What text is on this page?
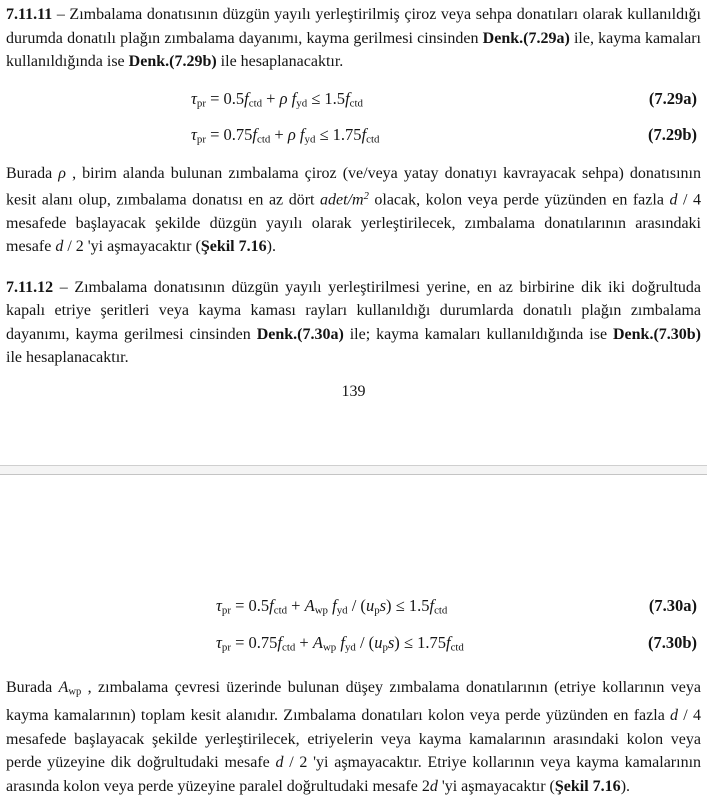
7.11.11 – Zımbalama donatısının düzgün yayılı yerleştirilmiş çiroz veya sehpa donatıları olarak kullanıldığı durumda donatılı plağın zımbalama dayanımı, kayma gerilmesi cinsinden Denk.(7.29a) ile, kayma kamaları kullanıldığında ise Denk.(7.29b) ile hesaplanacaktır.

$\tau_{pr} = 0.5f_{ctd} + \rho$ $f_{yd} \le 1.5f_{ctd}$	(7.29a)
$\tau_{pr} = 0.75f_{ctd} + \rho$ $f_{yd} \le 1.75f_{ctd}$	(7.29b)

Burada ρ , birim alanda bulunan zımbalama çiroz (ve/veya yatay donatıyı kavrayacak sehpa) donatısının kesit alanı olup, zımbalama donatısı en az dört adet/$m^2$ olacak, kolon veya perde yüzünden en fazla d / 4 mesafede başlayacak şekilde düzgün yayılı olarak yerleştirilecek, zımbalama donatılarının arasındaki mesafe d / 2 'yi aşmayacaktır (Şekil 7.16).

7.11.12 – Zımbalama donatısının düzgün yayılı yerleştirilmesi yerine, en az birbirine dik iki doğrultuda kapalı etriye şeritleri veya kayma kaması rayları kullanıldığı durumlarda donatılı plağın zımbalama dayanımı, kayma gerilmesi cinsinden Denk.(7.30a) ile; kayma kamaları kullanıldığında ise Denk.(7.30b) ile hesaplanacaktır.

139
$\tau_{pr} = 0.5f_{ctd} + A_{wp}$ $f_{yd} / (u_ps) \le 1.5f_{ctd}$	(7.30a)
$\tau_{pr} = 0.75f_{ctd} + A_{wp}$ $f_{yd} / (u_ps) \le 1.75f_{ctd}$	(7.30b)

Burada $A_{wp}$ , zımbalama çevresi üzerinde bulunan düşey zımbalama donatılarının (etriye kollarının veya kayma kamalarının) toplam kesit alanıdır. Zımbalama donatıları kolon veya perde yüzünden en fazla d / 4 mesafede başlayacak şekilde yerleştirilecek, etriyelerin veya kayma kamalarının arasındaki kolon veya perde yüzeyine dik doğrultudaki mesafe d / 2 'yi aşmayacaktır. Etriye kollarının veya kayma kamalarının arasında kolon veya perde yüzeyine paralel doğrultudaki mesafe 2d 'yi aşmayacaktır (Şekil 7.16).
